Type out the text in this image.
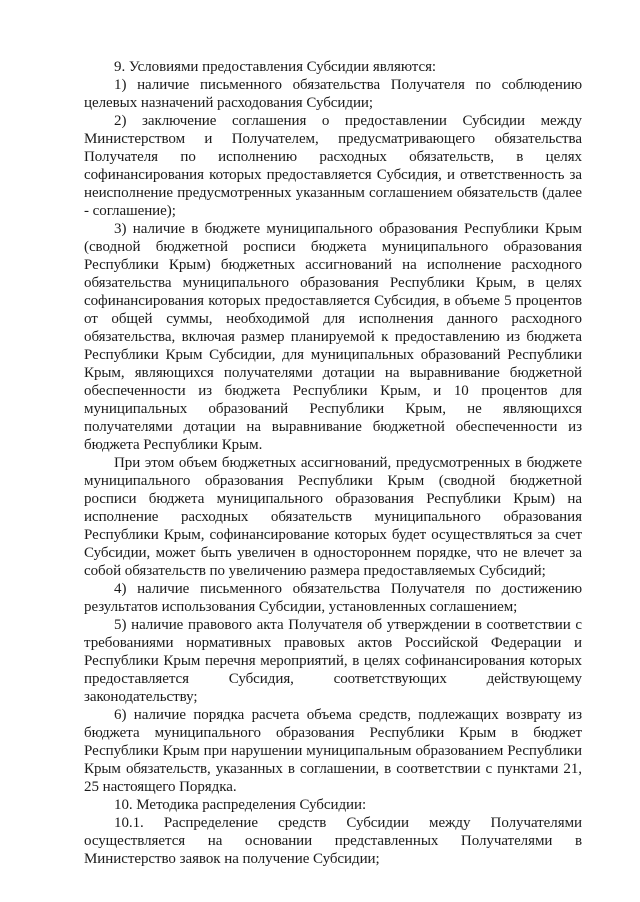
9. Условиями предоставления Субсидии являются:

1) наличие письменного обязательства Получателя по соблюдению целевых назначений расходования Субсидии;

2) заключение соглашения о предоставлении Субсидии между Министерством и Получателем, предусматривающего обязательства Получателя по исполнению расходных обязательств, в целях софинансирования которых предоставляется Субсидия, и ответственность за неисполнение предусмотренных указанным соглашением обязательств (далее - соглашение);

3) наличие в бюджете муниципального образования Республики Крым (сводной бюджетной росписи бюджета муниципального образования Республики Крым) бюджетных ассигнований на исполнение расходного обязательства муниципального образования Республики Крым, в целях софинансирования которых предоставляется Субсидия, в объеме 5 процентов от общей суммы, необходимой для исполнения данного расходного обязательства, включая размер планируемой к предоставлению из бюджета Республики Крым Субсидии, для муниципальных образований Республики Крым, являющихся получателями дотации на выравнивание бюджетной обеспеченности из бюджета Республики Крым, и 10 процентов для муниципальных образований Республики Крым, не являющихся получателями дотации на выравнивание бюджетной обеспеченности из бюджета Республики Крым.

При этом объем бюджетных ассигнований, предусмотренных в бюджете муниципального образования Республики Крым (сводной бюджетной росписи бюджета муниципального образования Республики Крым) на исполнение расходных обязательств муниципального образования Республики Крым, софинансирование которых будет осуществляться за счет Субсидии, может быть увеличен в одностороннем порядке, что не влечет за собой обязательств по увеличению размера предоставляемых Субсидий;

4) наличие письменного обязательства Получателя по достижению результатов использования Субсидии, установленных соглашением;

5) наличие правового акта Получателя об утверждении в соответствии с требованиями нормативных правовых актов Российской Федерации и Республики Крым перечня мероприятий, в целях софинансирования которых предоставляется Субсидия, соответствующих действующему законодательству;

6) наличие порядка расчета объема средств, подлежащих возврату из бюджета муниципального образования Республики Крым в бюджет Республики Крым при нарушении муниципальным образованием Республики Крым обязательств, указанных в соглашении, в соответствии с пунктами 21, 25 настоящего Порядка.

10. Методика распределения Субсидии:

10.1. Распределение средств Субсидии между Получателями осуществляется на основании представленных Получателями в Министерство заявок на получение Субсидии;
